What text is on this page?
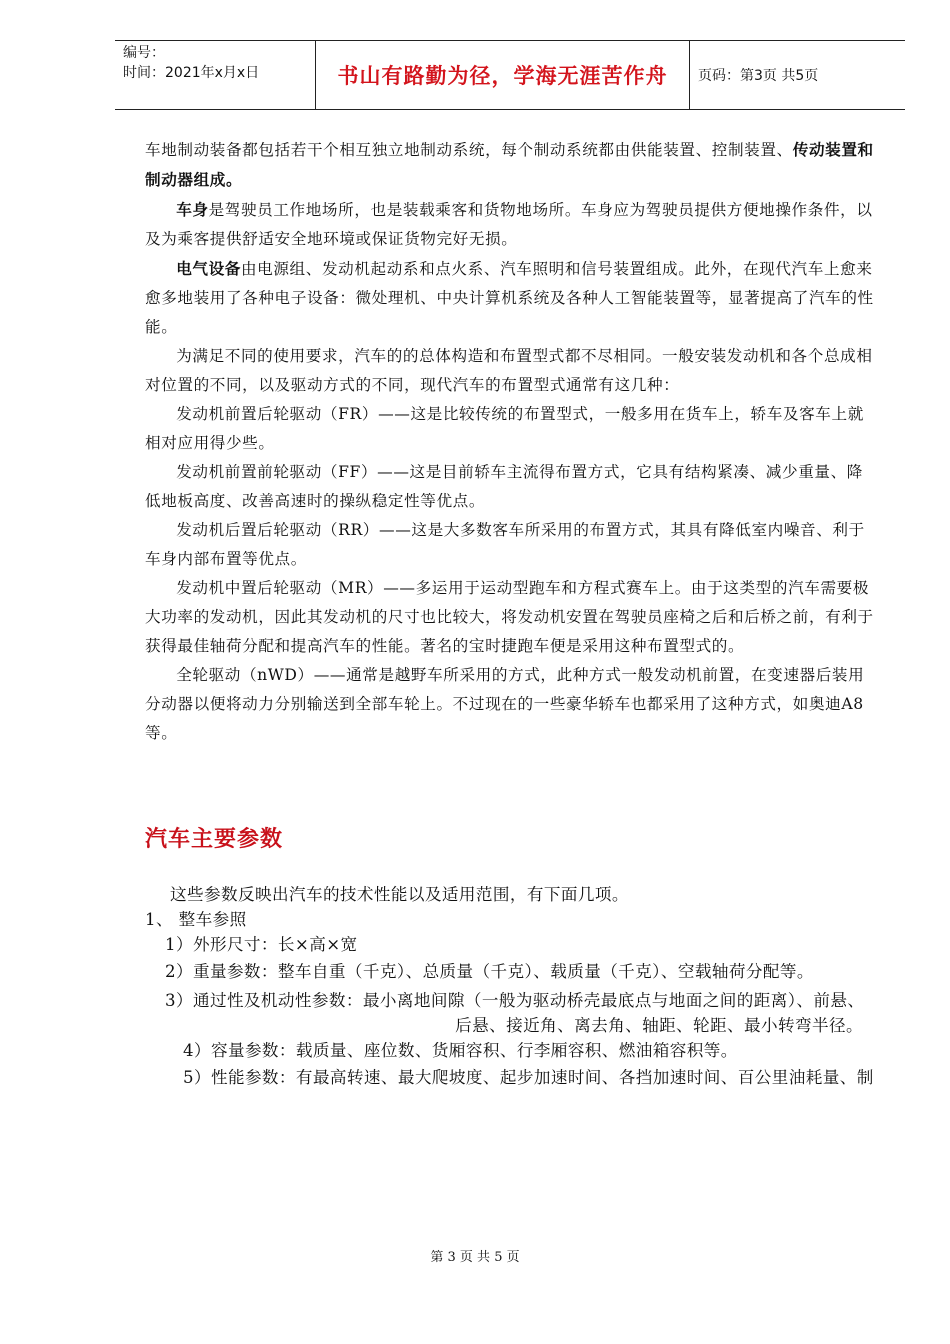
编号：
时间：2021年x月x日	书山有路勤为径，学海无涯苦作舟	页码：第3页 共5页

车地制动装备都包括若干个相互独立地制动系统，每个制动系统都由供能装置、控制装置、传动装置和制动器组成。

车身是驾驶员工作地场所，也是装载乘客和货物地场所。车身应为驾驶员提供方便地操作条件，以及为乘客提供舒适安全地环境或保证货物完好无损。

电气设备由电源组、发动机起动系和点火系、汽车照明和信号装置组成。此外，在现代汽车上愈来愈多地装用了各种电子设备：微处理机、中央计算机系统及各种人工智能装置等，显著提高了汽车的性能。

为满足不同的使用要求，汽车的的总体构造和布置型式都不尽相同。一般安装发动机和各个总成相对位置的不同，以及驱动方式的不同，现代汽车的布置型式通常有这几种：

发动机前置后轮驱动（FR）——这是比较传统的布置型式，一般多用在货车上，轿车及客车上就相对应用得少些。

发动机前置前轮驱动（FF）——这是目前轿车主流得布置方式，它具有结构紧凑、减少重量、降低地板高度、改善高速时的操纵稳定性等优点。

发动机后置后轮驱动（RR）——这是大多数客车所采用的布置方式，其具有降低室内噪音、利于车身内部布置等优点。

发动机中置后轮驱动（MR）——多运用于运动型跑车和方程式赛车上。由于这类型的汽车需要极大功率的发动机，因此其发动机的尺寸也比较大，将发动机安置在驾驶员座椅之后和后桥之前，有利于获得最佳轴荷分配和提高汽车的性能。著名的宝时捷跑车便是采用这种布置型式的。

全轮驱动（nWD）——通常是越野车所采用的方式，此种方式一般发动机前置，在变速器后装用分动器以便将动力分别输送到全部车轮上。不过现在的一些豪华轿车也都采用了这种方式，如奥迪A8等。

汽车主要参数

这些参数反映出汽车的技术性能以及适用范围，有下面几项。

1、 整车参照

1）外形尺寸：长×高×宽

2）重量参数：整车自重（千克）、总质量（千克）、载质量（千克）、空载轴荷分配等。

3）通过性及机动性参数：最小离地间隙（一般为驱动桥壳最底点与地面之间的距离）、前悬、

后悬、接近角、离去角、轴距、轮距、最小转弯半径。

4）容量参数：载质量、座位数、货厢容积、行李厢容积、燃油箱容积等。

5）性能参数：有最高转速、最大爬坡度、起步加速时间、各挡加速时间、百公里油耗量、制

第 3 页 共 5 页
